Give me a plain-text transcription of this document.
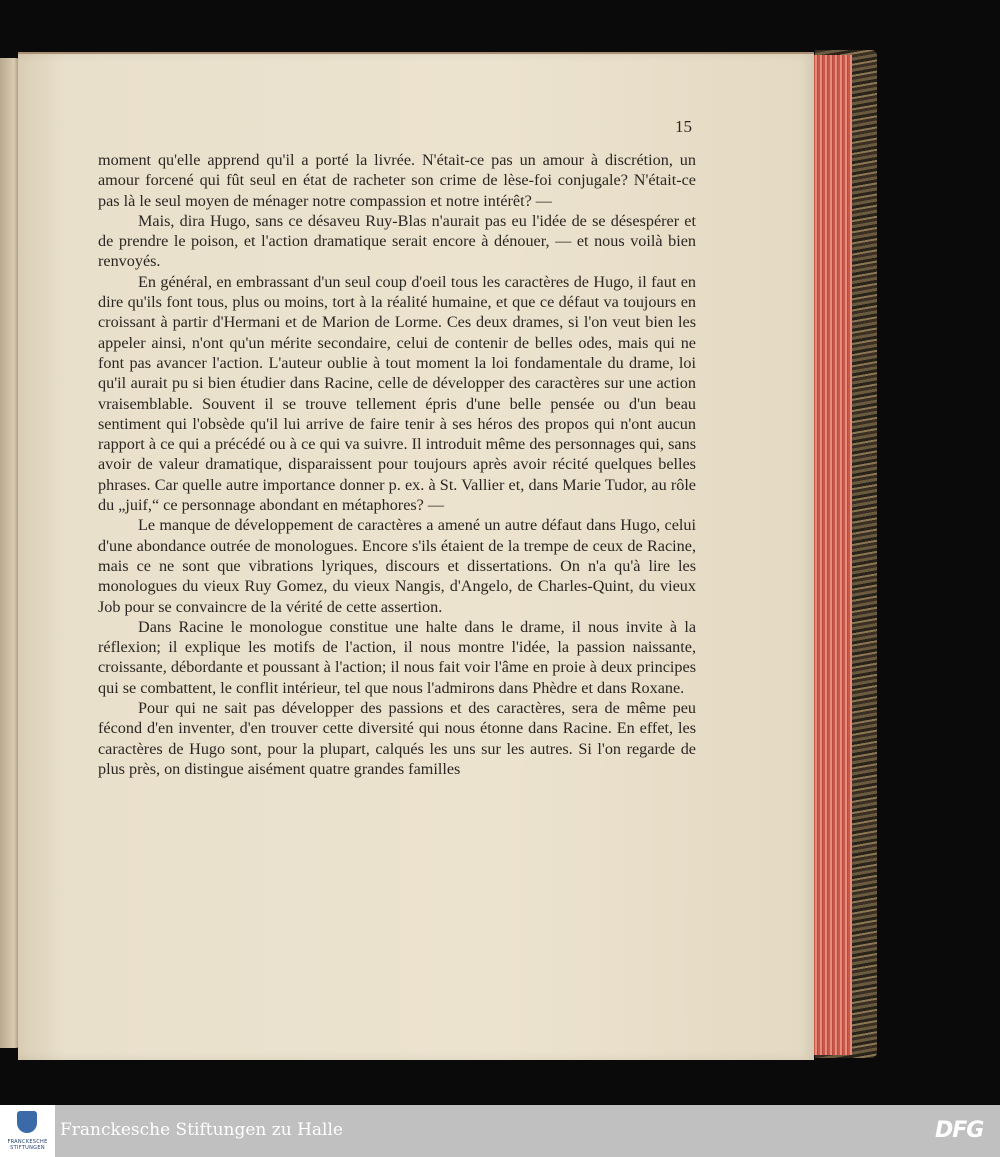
15

moment qu'elle apprend qu'il a porté la livrée. N'était-ce pas un amour à discrétion, un amour forcené qui fût seul en état de racheter son crime de lèse-foi conjugale? N'était-ce pas là le seul moyen de ménager notre compassion et notre intérêt? —

Mais, dira Hugo, sans ce désaveu Ruy-Blas n'aurait pas eu l'idée de se désespérer et de prendre le poison, et l'action dramatique serait encore à dénouer, — et nous voilà bien renvoyés.

En général, en embrassant d'un seul coup d'oeil tous les caractères de Hugo, il faut en dire qu'ils font tous, plus ou moins, tort à la réalité humaine, et que ce défaut va toujours en croissant à partir d'Hermani et de Marion de Lorme. Ces deux drames, si l'on veut bien les appeler ainsi, n'ont qu'un mérite secondaire, celui de contenir de belles odes, mais qui ne font pas avancer l'action. L'auteur oublie à tout moment la loi fondamentale du drame, loi qu'il aurait pu si bien étudier dans Racine, celle de développer des caractères sur une action vraisemblable. Souvent il se trouve tellement épris d'une belle pensée ou d'un beau sentiment qui l'obsède qu'il lui arrive de faire tenir à ses héros des propos qui n'ont aucun rapport à ce qui a précédé ou à ce qui va suivre. Il introduit même des personnages qui, sans avoir de valeur dramatique, disparaissent pour toujours après avoir récité quelques belles phrases. Car quelle autre importance donner p. ex. à St. Vallier et, dans Marie Tudor, au rôle du „juif,“ ce personnage abondant en métaphores? —

Le manque de développement de caractères a amené un autre défaut dans Hugo, celui d'une abondance outrée de monologues. Encore s'ils étaient de la trempe de ceux de Racine, mais ce ne sont que vibrations lyriques, discours et dissertations. On n'a qu'à lire les monologues du vieux Ruy Gomez, du vieux Nangis, d'Angelo, de Charles-Quint, du vieux Job pour se convaincre de la vérité de cette assertion.

Dans Racine le monologue constitue une halte dans le drame, il nous invite à la réflexion; il explique les motifs de l'action, il nous montre l'idée, la passion naissante, croissante, débordante et poussant à l'action; il nous fait voir l'âme en proie à deux principes qui se combattent, le conflit intérieur, tel que nous l'admirons dans Phèdre et dans Roxane.

Pour qui ne sait pas développer des passions et des caractères, sera de même peu fécond d'en inventer, d'en trouver cette diversité qui nous étonne dans Racine. En effet, les caractères de Hugo sont, pour la plupart, calqués les uns sur les autres. Si l'on regarde de plus près, on distingue aisément quatre grandes familles

FRANCKESCHE STIFTUNGEN
Franckesche Stiftungen zu Halle	DFG
